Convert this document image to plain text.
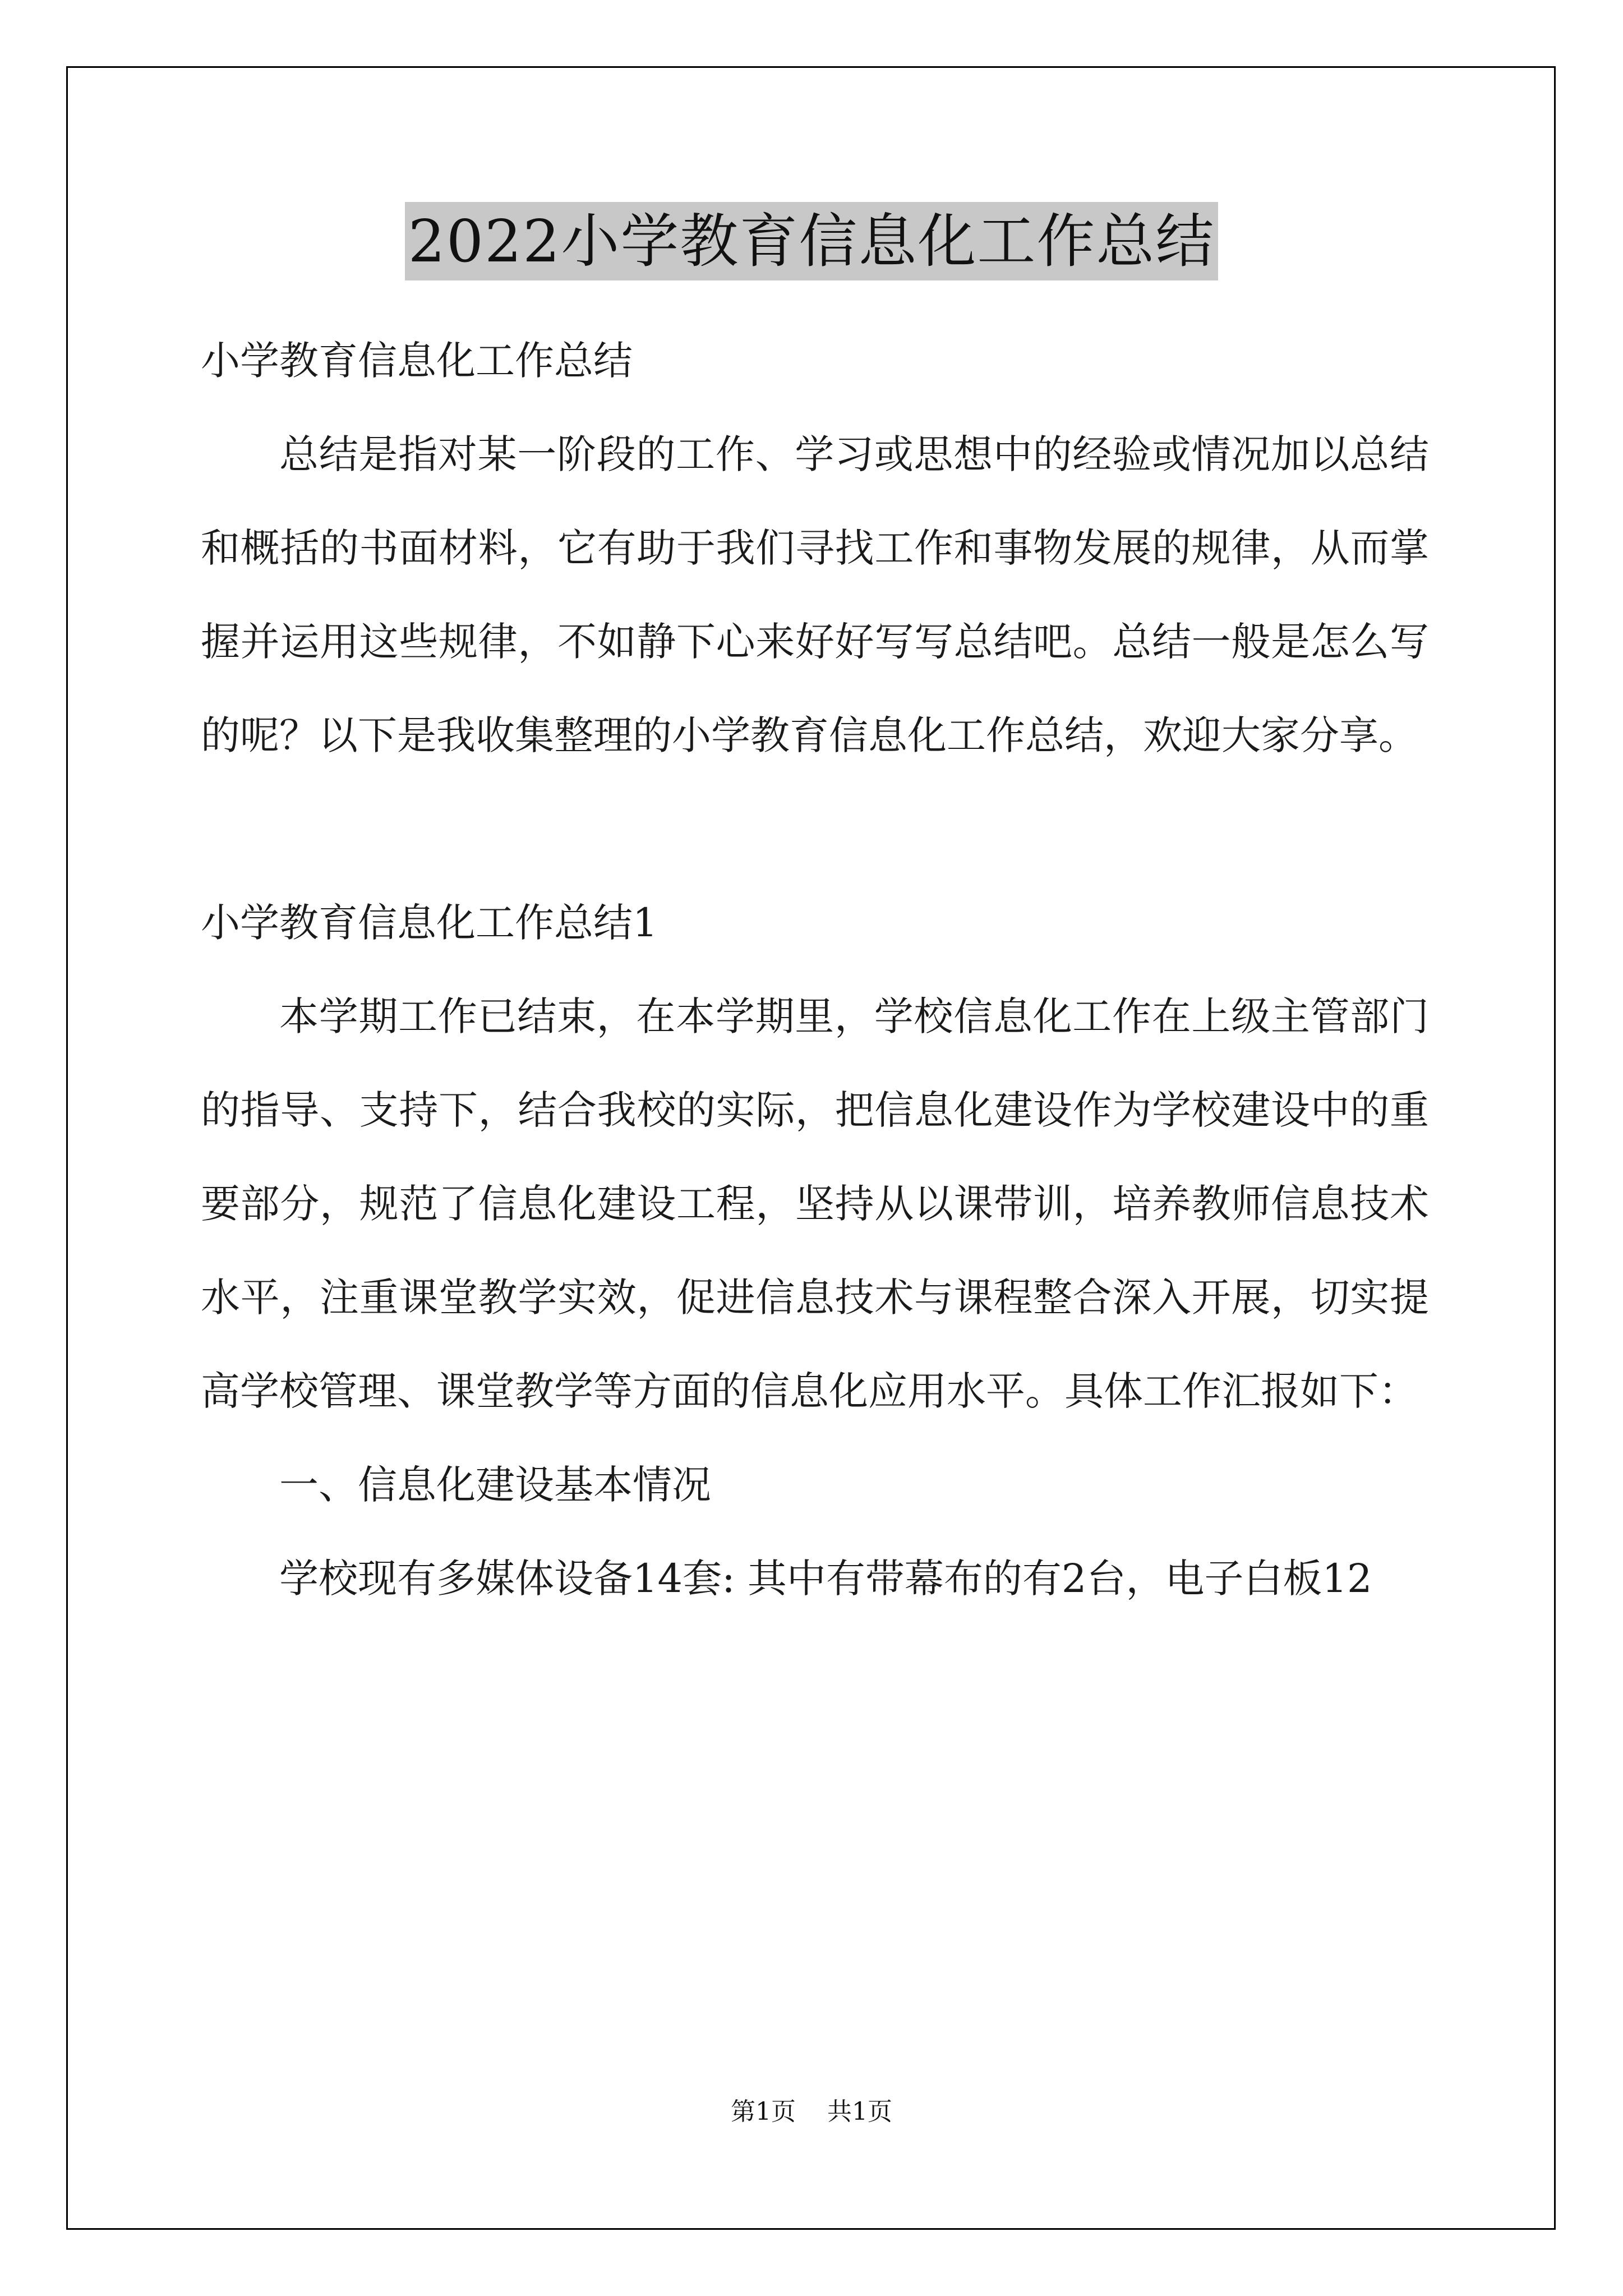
2022小学教育信息化工作总结

小学教育信息化工作总结

总结是指对某一阶段的工作、学习或思想中的经验或情况加以总结和概括的书面材料，它有助于我们寻找工作和事物发展的规律，从而掌握并运用这些规律，不如静下心来好好写写总结吧。总结一般是怎么写的呢？以下是我收集整理的小学教育信息化工作总结，欢迎大家分享。

小学教育信息化工作总结1

本学期工作已结束，在本学期里，学校信息化工作在上级主管部门的指导、支持下，结合我校的实际，把信息化建设作为学校建设中的重要部分，规范了信息化建设工程，坚持从以课带训，培养教师信息技术水平，注重课堂教学实效，促进信息技术与课程整合深入开展，切实提高学校管理、课堂教学等方面的信息化应用水平。具体工作汇报如下：

一、信息化建设基本情况

学校现有多媒体设备14套: 其中有带幕布的有2台，电子白板12

第1页 共1页
